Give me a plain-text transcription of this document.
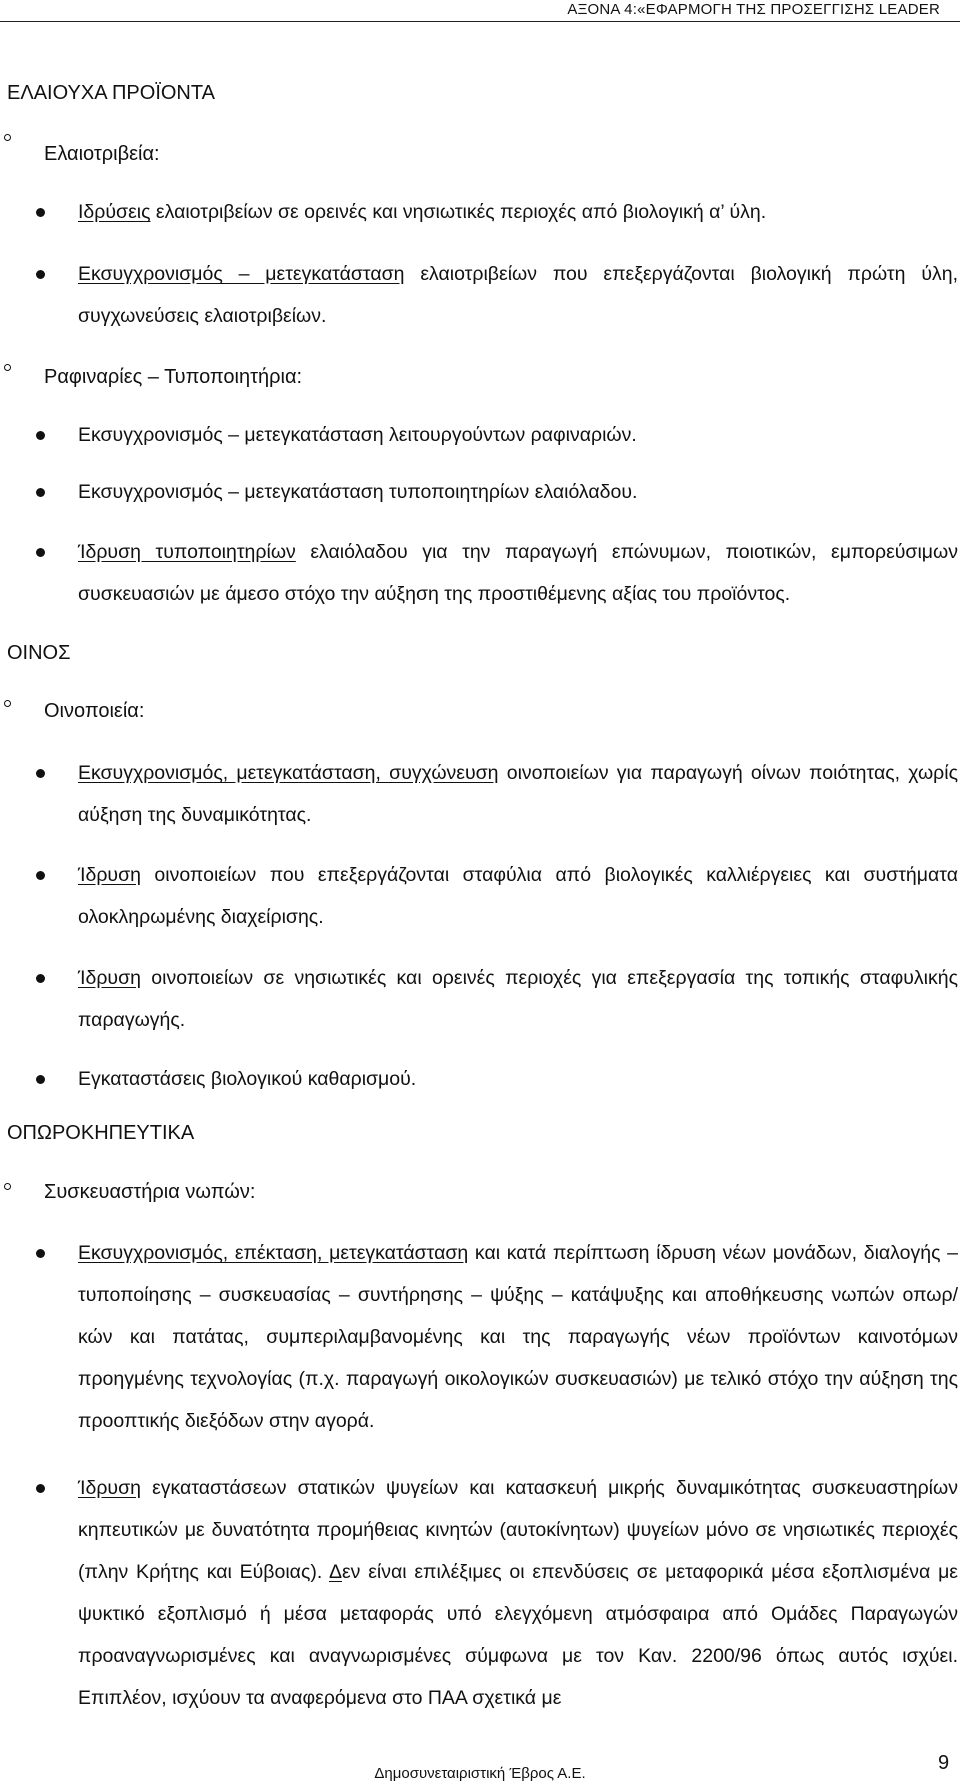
ΑΞΟΝΑ 4:«ΕΦΑΡΜΟΓΗ ΤΗΣ ΠΡΟΣΕΓΓΙΣΗΣ LEADER
ΕΛΑΙΟΥΧΑ ΠΡΟΪΟΝΤΑ
Ελαιοτριβεία:
Ιδρύσεις ελαιοτριβείων σε ορεινές και νησιωτικές περιοχές από βιολογική α’ ύλη.
Εκσυγχρονισμός – μετεγκατάσταση ελαιοτριβείων που επεξεργάζονται βιολογική πρώτη ύλη, συγχωνεύσεις ελαιοτριβείων.
Ραφιναρίες – Τυποποιητήρια:
Εκσυγχρονισμός – μετεγκατάσταση λειτουργούντων ραφιναριών.
Εκσυγχρονισμός – μετεγκατάσταση τυποποιητηρίων ελαιόλαδου.
Ίδρυση τυποποιητηρίων ελαιόλαδου για την παραγωγή επώνυμων, ποιοτικών, εμπορεύσιμων συσκευασιών με άμεσο στόχο την αύξηση της προστιθέμενης αξίας του προϊόντος.
ΟΙΝΟΣ
Οινοποιεία:
Εκσυγχρονισμός, μετεγκατάσταση, συγχώνευση οινοποιείων για παραγωγή οίνων ποιότητας, χωρίς αύξηση της δυναμικότητας.
Ίδρυση οινοποιείων που επεξεργάζονται σταφύλια από βιολογικές καλλιέργειες και συστήματα ολοκληρωμένης διαχείρισης.
Ίδρυση οινοποιείων σε νησιωτικές και ορεινές περιοχές για επεξεργασία της τοπικής σταφυλικής παραγωγής.
Εγκαταστάσεις βιολογικού καθαρισμού.
ΟΠΩΡΟΚΗΠΕΥΤΙΚΑ
Συσκευαστήρια νωπών:
Εκσυγχρονισμός, επέκταση, μετεγκατάσταση και κατά περίπτωση ίδρυση νέων μονάδων, διαλογής – τυποποίησης – συσκευασίας – συντήρησης – ψύξης – κατάψυξης και αποθήκευσης νωπών οπωρ/κών και πατάτας, συμπεριλαμβανομένης και της παραγωγής νέων προϊόντων καινοτόμων προηγμένης τεχνολογίας (π.χ. παραγωγή οικολογικών συσκευασιών) με τελικό στόχο την αύξηση της προοπτικής διεξόδων στην αγορά.
Ίδρυση εγκαταστάσεων στατικών ψυγείων και κατασκευή μικρής δυναμικότητας συσκευαστηρίων κηπευτικών με δυνατότητα προμήθειας κινητών (αυτοκίνητων) ψυγείων μόνο σε νησιωτικές περιοχές (πλην Κρήτης και Εύβοιας). Δεν είναι επιλέξιμες οι επενδύσεις σε μεταφορικά μέσα εξοπλισμένα με ψυκτικό εξοπλισμό ή μέσα μεταφοράς υπό ελεγχόμενη ατμόσφαιρα από Ομάδες Παραγωγών προαναγνωρισμένες και αναγνωρισμένες σύμφωνα με τον Καν. 2200/96 όπως αυτός ισχύει. Επιπλέον, ισχύουν τα αναφερόμενα στο ΠΑΑ σχετικά με
Δημοσυνεταιριστική Έβρος Α.Ε.	9
